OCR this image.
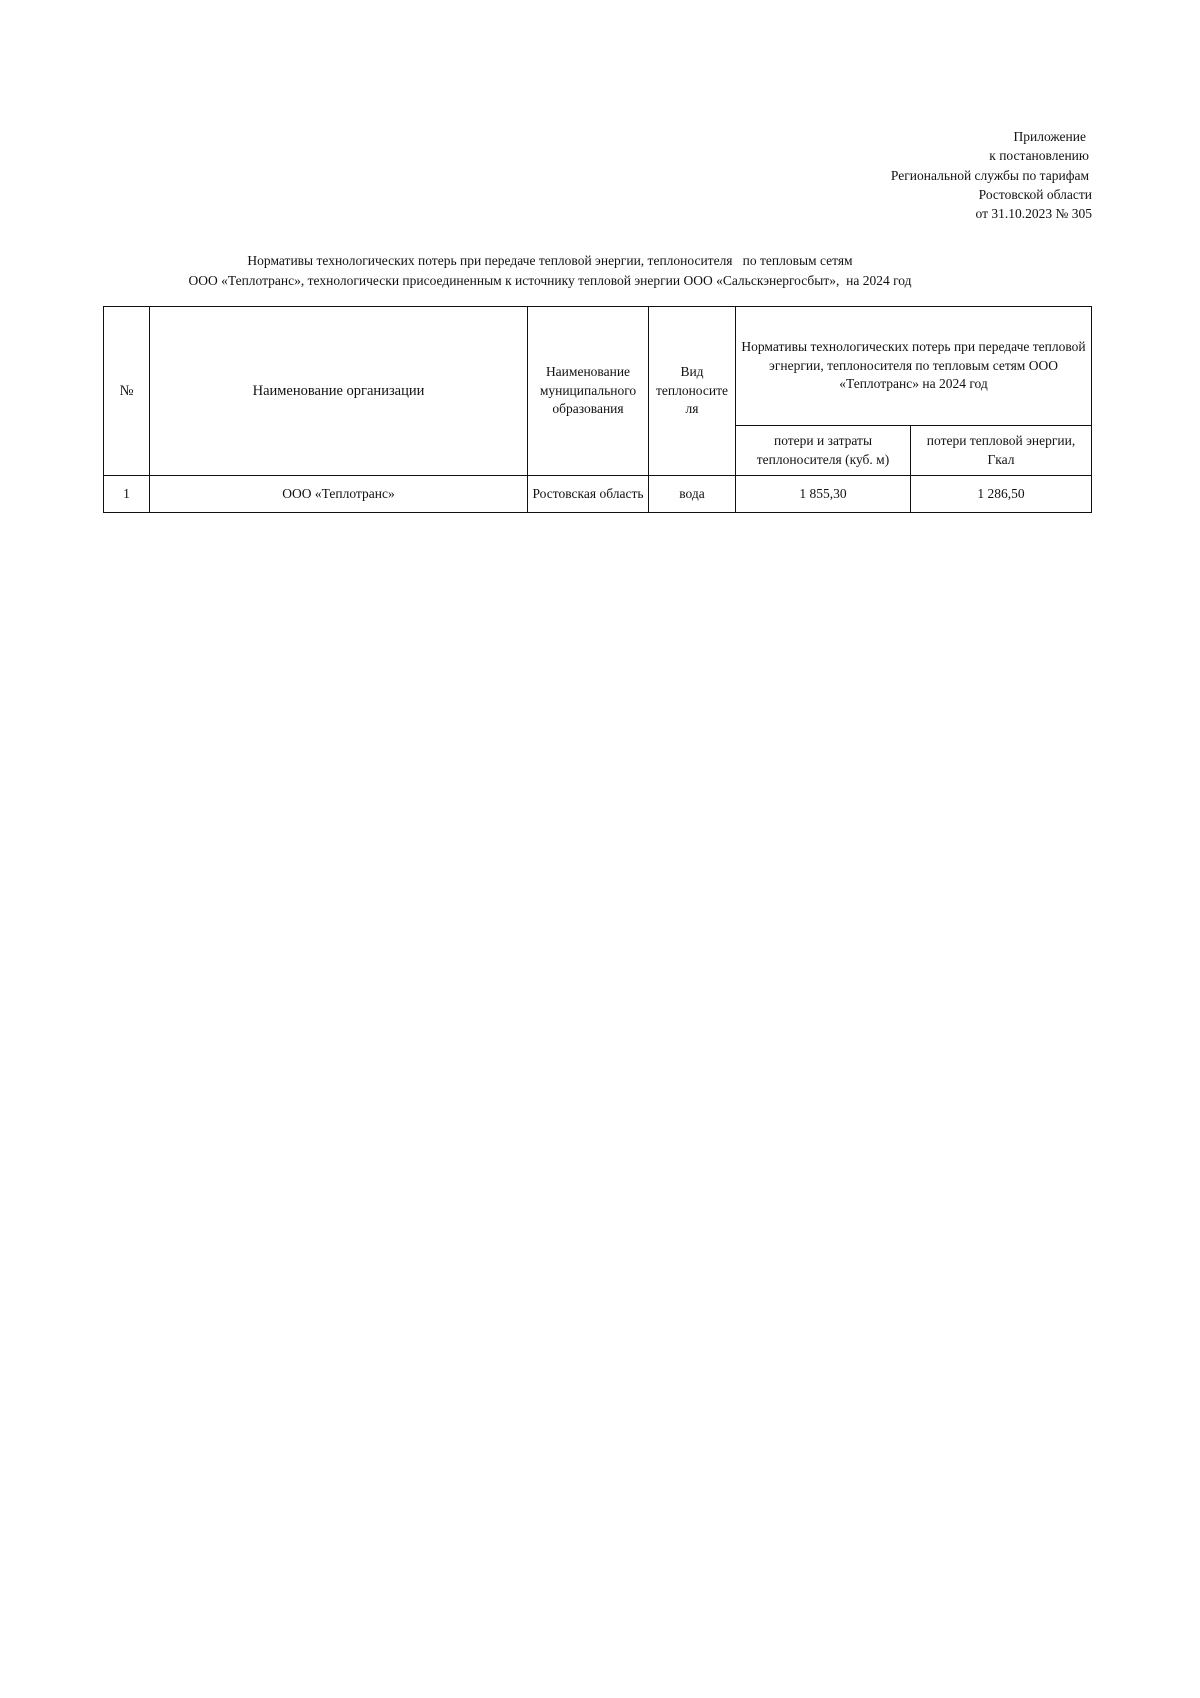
Приложение
к постановлению
Региональной службы по тарифам
Ростовской области
от 31.10.2023 № 305
Нормативы технологических потерь при передаче тепловой энергии, теплоносителя   по тепловым сетям
ООО «Теплотранс», технологически присоединенным к источнику тепловой энергии ООО «Сальскэнергосбыт»,  на 2024 год
№	Наименование организации	Наименование муниципального образования	Вид теплоносите ля	Нормативы технологических потерь при передаче тепловой эгнергии, теплоносителя по тепловым сетям ООО «Теплотранс» на 2024 год	
				потери и затраты теплоносителя (куб. м)	потери тепловой энергии, Гкал
1	ООО «Теплотранс»	Ростовская область	вода	1 855,30	1 286,50
